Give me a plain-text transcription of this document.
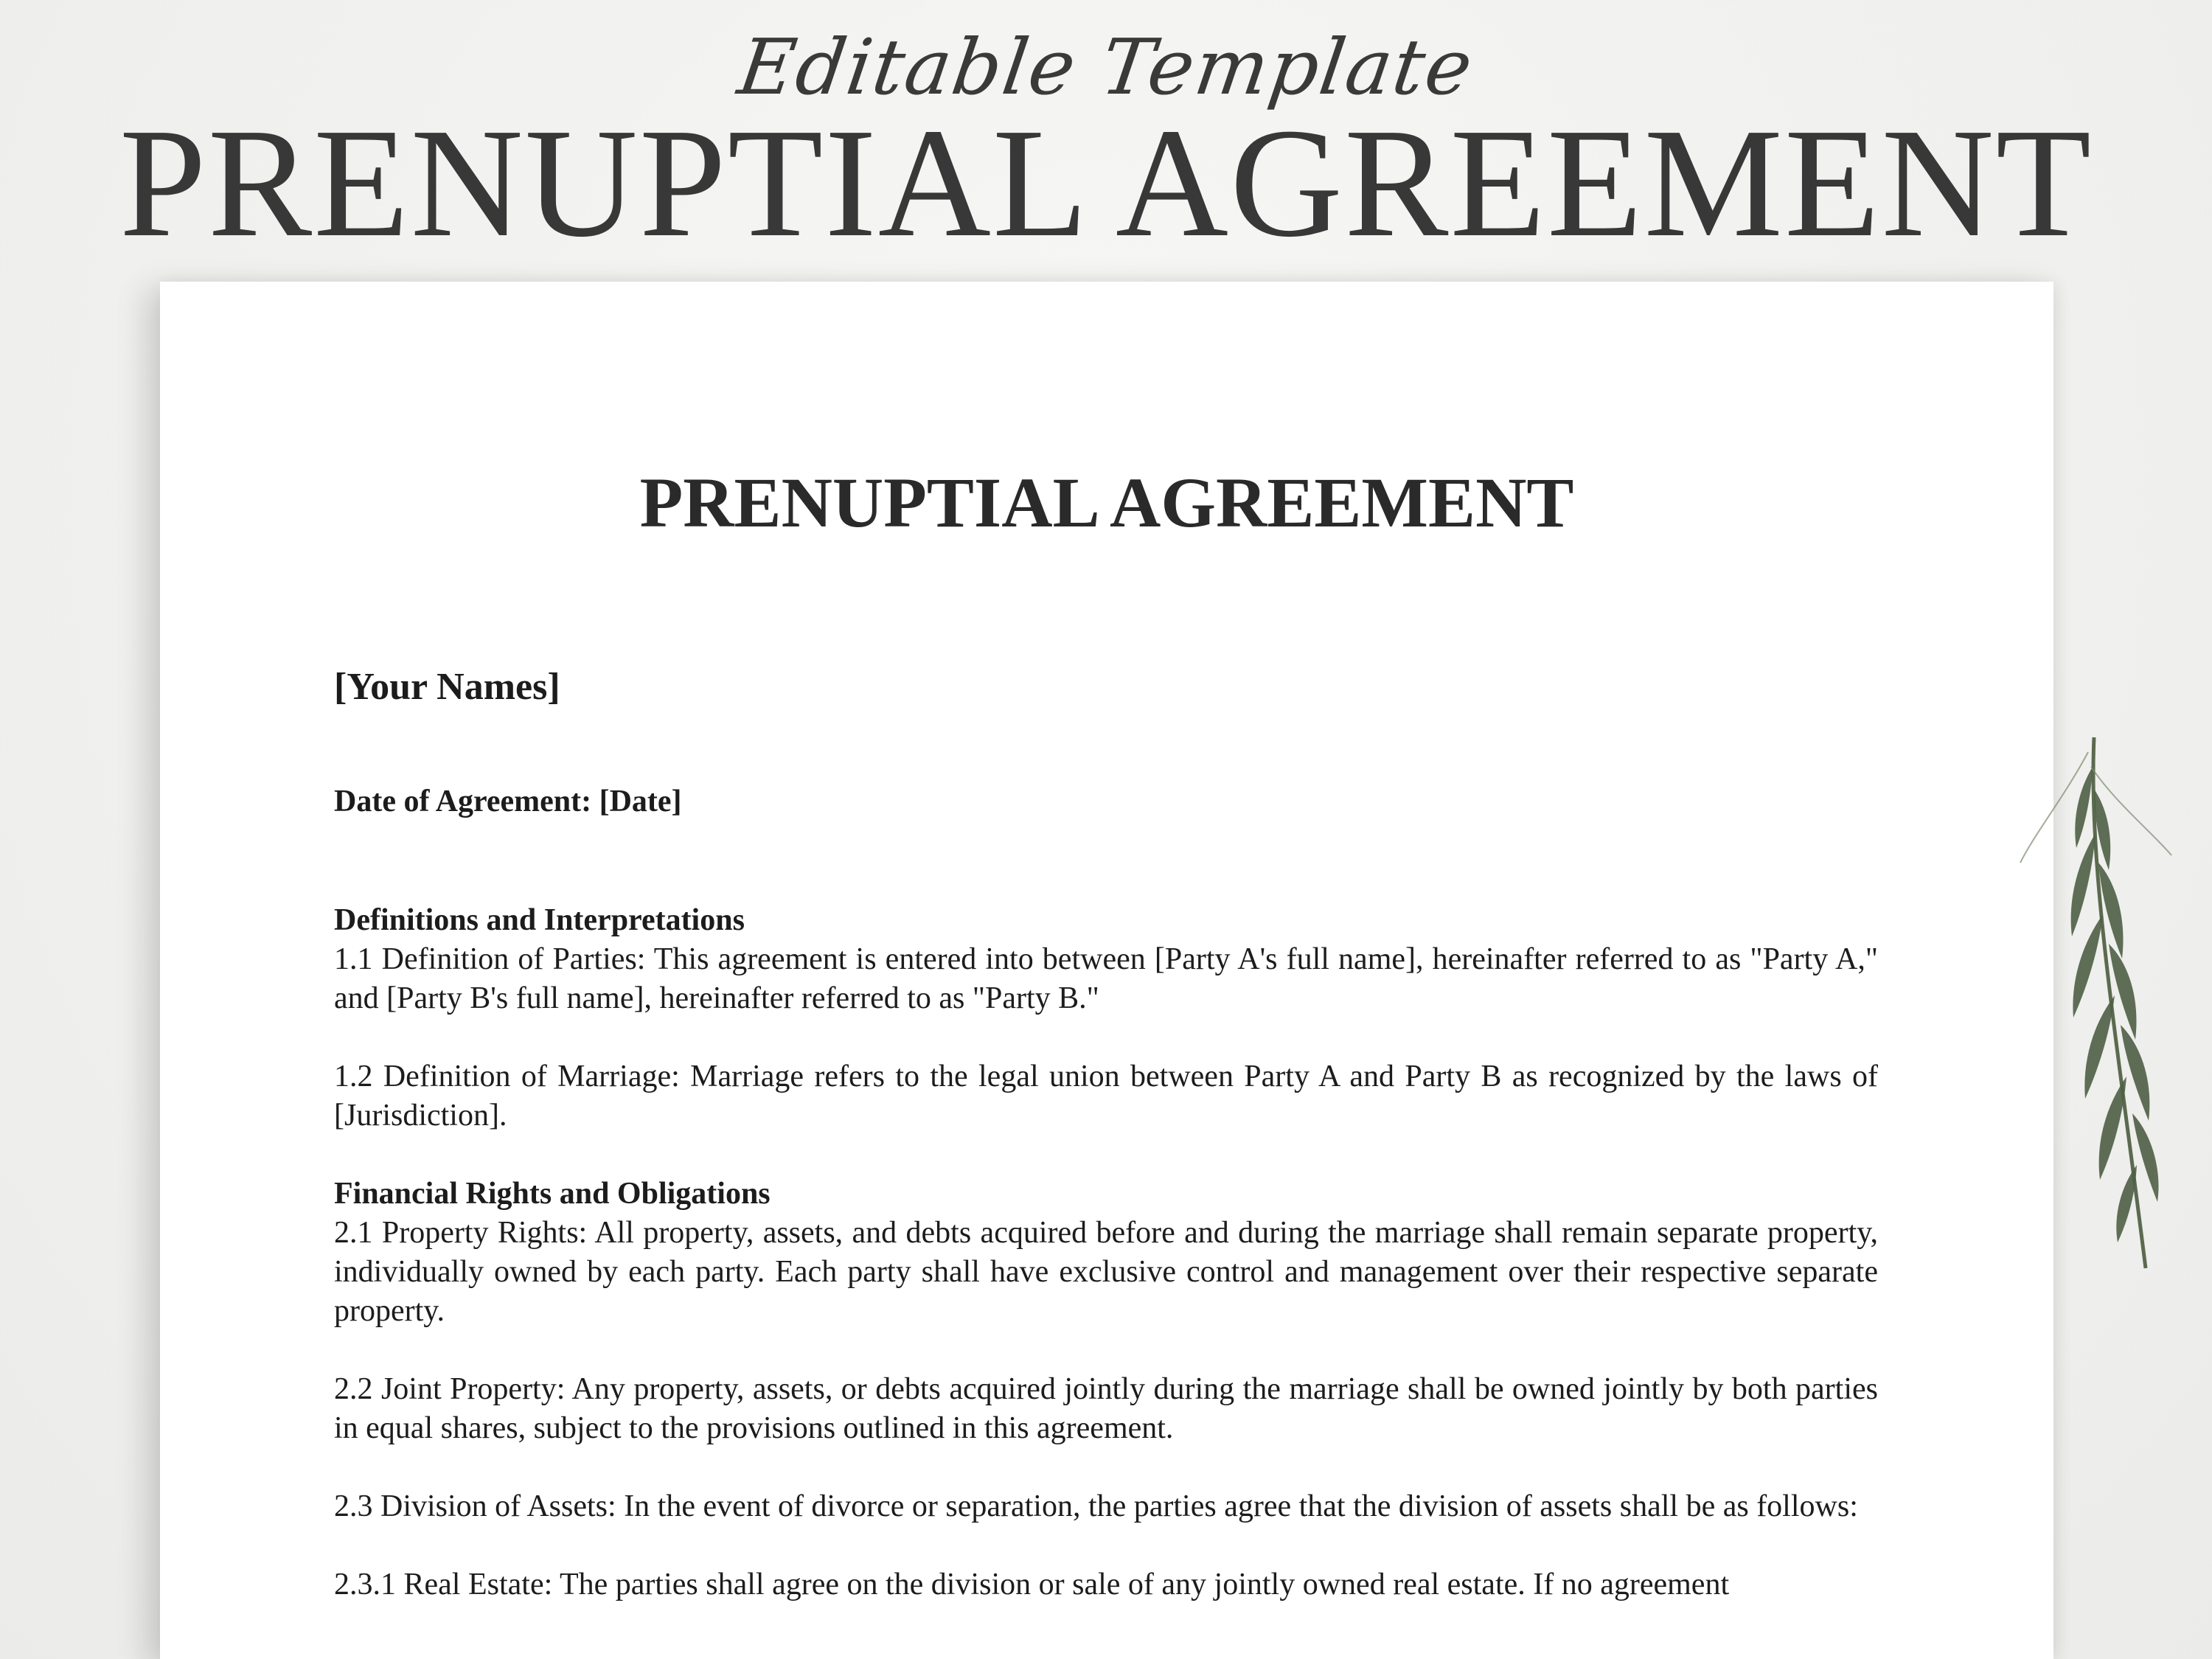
Editable Template
PRENUPTIAL AGREEMENT
PRENUPTIAL AGREEMENT

[Your Names]

Date of Agreement: [Date]

Definitions and Interpretations

1.1 Definition of Parties: This agreement is entered into between [Party A's full name], hereinafter referred to as "Party A," and [Party B's full name], hereinafter referred to as "Party B."

1.2 Definition of Marriage: Marriage refers to the legal union between Party A and Party B as recognized by the laws of [Jurisdiction].

Financial Rights and Obligations

2.1 Property Rights: All property, assets, and debts acquired before and during the marriage shall remain separate property, individually owned by each party. Each party shall have exclusive control and management over their respective separate property.

2.2 Joint Property: Any property, assets, or debts acquired jointly during the marriage shall be owned jointly by both parties in equal shares, subject to the provisions outlined in this agreement.

2.3 Division of Assets: In the event of divorce or separation, the parties agree that the division of assets shall be as follows:

2.3.1 Real Estate: The parties shall agree on the division or sale of any jointly owned real estate. If no agreement
